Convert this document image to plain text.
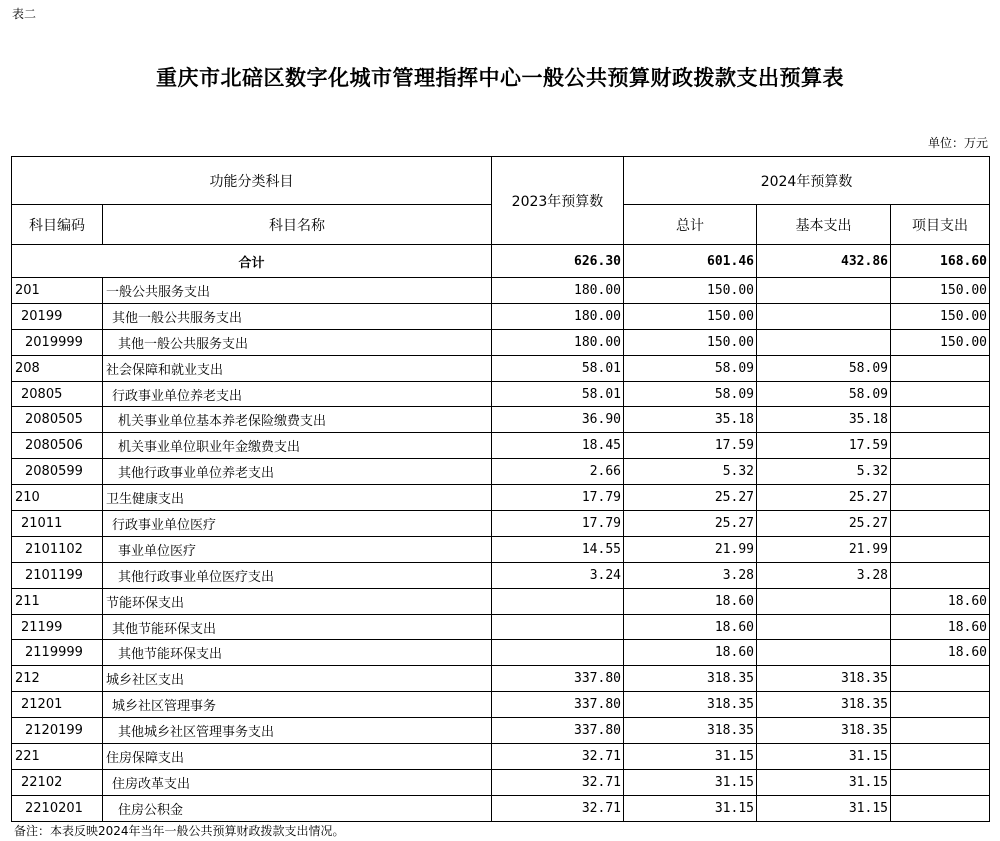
表二
重庆市北碚区数字化城市管理指挥中心一般公共预算财政拨款支出预算表
单位：万元
功能分类科目		2023年预算数	2024年预算数		
科目编码	科目名称		总计	基本支出	项目支出
合计		626.30	601.46	432.86	168.60
201	一般公共服务支出	180.00	150.00		150.00
20199	其他一般公共服务支出	180.00	150.00		150.00
2019999	其他一般公共服务支出	180.00	150.00		150.00
208	社会保障和就业支出	58.01	58.09	58.09	
20805	行政事业单位养老支出	58.01	58.09	58.09	
2080505	机关事业单位基本养老保险缴费支出	36.90	35.18	35.18	
2080506	机关事业单位职业年金缴费支出	18.45	17.59	17.59	
2080599	其他行政事业单位养老支出	2.66	5.32	5.32	
210	卫生健康支出	17.79	25.27	25.27	
21011	行政事业单位医疗	17.79	25.27	25.27	
2101102	事业单位医疗	14.55	21.99	21.99	
2101199	其他行政事业单位医疗支出	3.24	3.28	3.28	
211	节能环保支出		18.60		18.60
21199	其他节能环保支出		18.60		18.60
2119999	其他节能环保支出		18.60		18.60
212	城乡社区支出	337.80	318.35	318.35	
21201	城乡社区管理事务	337.80	318.35	318.35	
2120199	其他城乡社区管理事务支出	337.80	318.35	318.35	
221	住房保障支出	32.71	31.15	31.15	
22102	住房改革支出	32.71	31.15	31.15	
2210201	住房公积金	32.71	31.15	31.15	
备注：本表反映2024年当年一般公共预算财政拨款支出情况。
